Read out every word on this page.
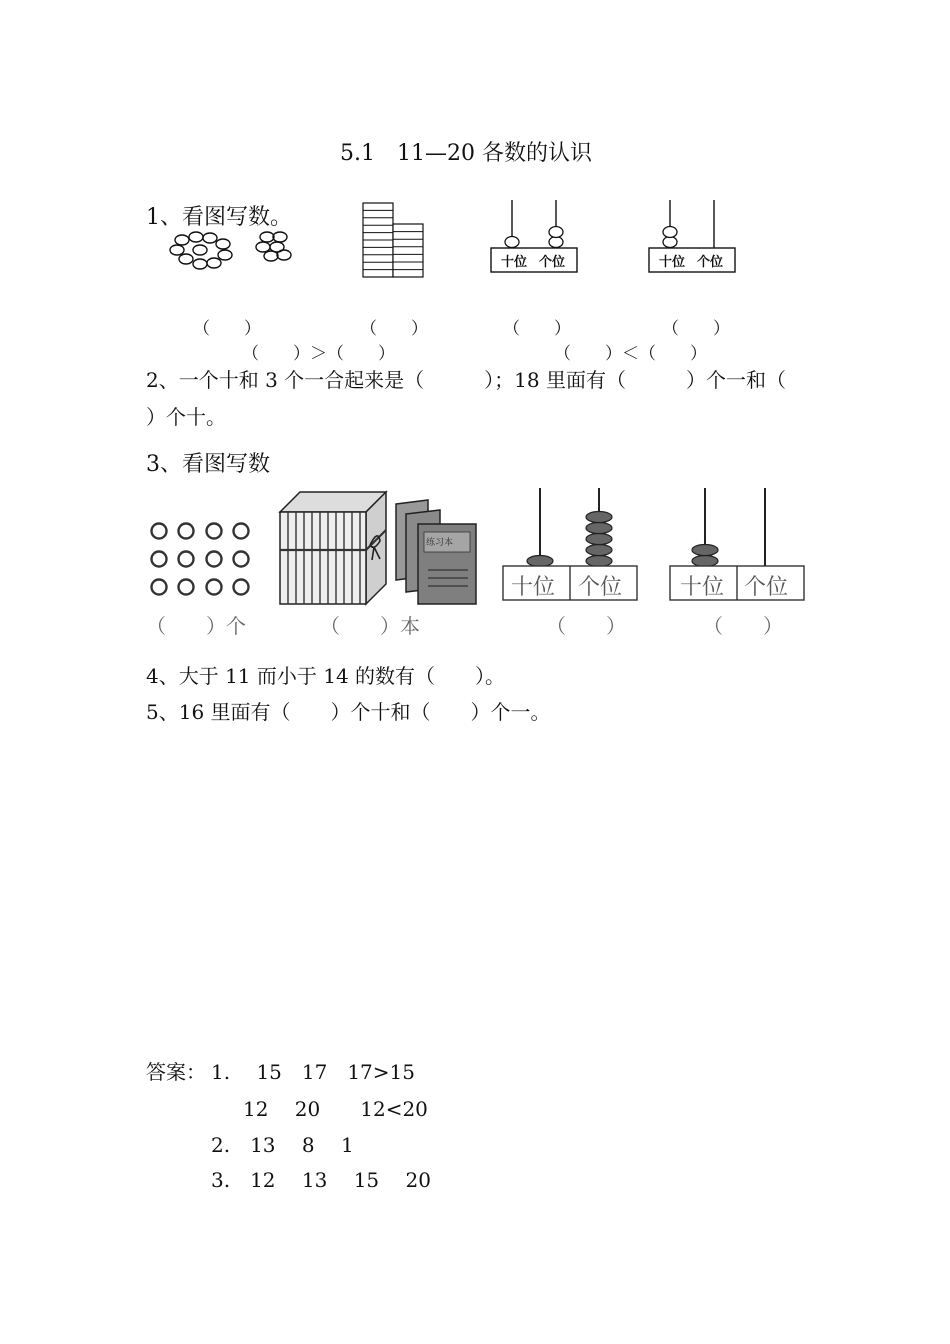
5.1　11—20 各数的认识
1、看图写数。
十位 个位	十位 个位
（　　）	（　　）	（　　）	（　　）
（　　）＞（　　）	（　　）＜（　　）
2、一个十和 3 个一合起来是（　　　）；18 里面有（　　　）个一和（
）个十。
3、看图写数
练习本
十位 个位	十位 个位
（　　）个	（　　）本	（　　）	（　　）
4、大于 11 而小于 14 的数有（　　）。
5、16 里面有（　　）个十和（　　）个一。
答案： 1.　 15　17　17>15
12　 20　　12<20
2.　13　 8　 1
3.　12　 13　 15　 20
